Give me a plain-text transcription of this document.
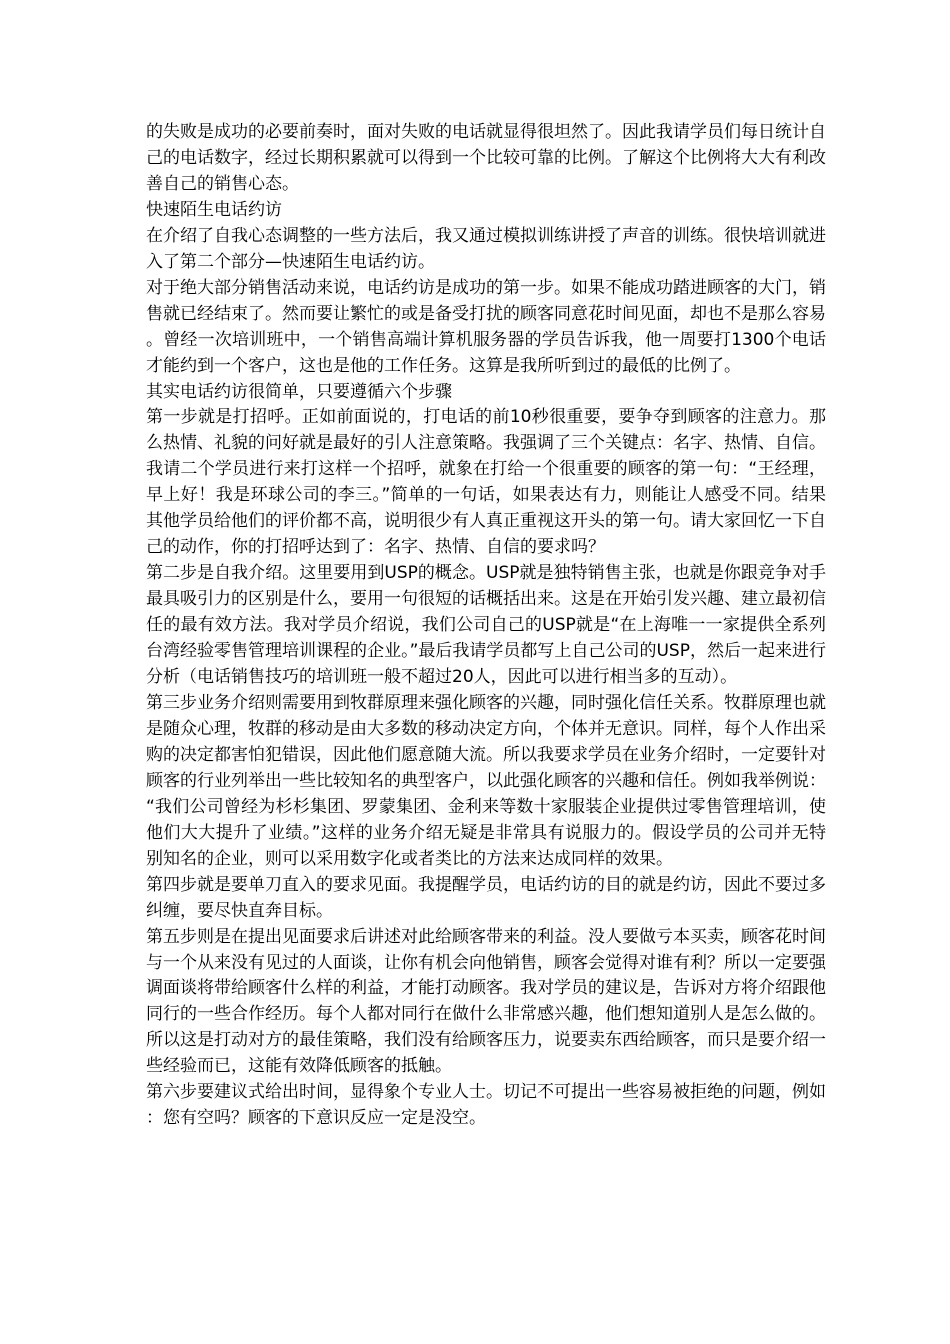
的失败是成功的必要前奏时，面对失败的电话就显得很坦然了。因此我请学员们每日统计自己的电话数字，经过长期积累就可以得到一个比较可靠的比例。了解这个比例将大大有利改善自己的销售心态。

快速陌生电话约访

在介绍了自我心态调整的一些方法后，我又通过模拟训练讲授了声音的训练。很快培训就进入了第二个部分—快速陌生电话约访。

对于绝大部分销售活动来说，电话约访是成功的第一步。如果不能成功踏进顾客的大门，销售就已经结束了。然而要让繁忙的或是备受打扰的顾客同意花时间见面，却也不是那么容易。曾经一次培训班中，一个销售高端计算机服务器的学员告诉我，他一周要打1300个电话才能约到一个客户，这也是他的工作任务。这算是我所听到过的最低的比例了。

其实电话约访很简单，只要遵循六个步骤

第一步就是打招呼。正如前面说的，打电话的前10秒很重要，要争夺到顾客的注意力。那么热情、礼貌的问好就是最好的引人注意策略。我强调了三个关键点：名字、热情、自信。我请二个学员进行来打这样一个招呼，就象在打给一个很重要的顾客的第一句：“王经理，早上好！我是环球公司的李三。”简单的一句话，如果表达有力，则能让人感受不同。结果其他学员给他们的评价都不高，说明很少有人真正重视这开头的第一句。请大家回忆一下自己的动作，你的打招呼达到了：名字、热情、自信的要求吗？

第二步是自我介绍。这里要用到USP的概念。USP就是独特销售主张，也就是你跟竞争对手最具吸引力的区别是什么，要用一句很短的话概括出来。这是在开始引发兴趣、建立最初信任的最有效方法。我对学员介绍说，我们公司自己的USP就是“在上海唯一一家提供全系列台湾经验零售管理培训课程的企业。”最后我请学员都写上自己公司的USP，然后一起来进行分析（电话销售技巧的培训班一般不超过20人，因此可以进行相当多的互动）。

第三步业务介绍则需要用到牧群原理来强化顾客的兴趣，同时强化信任关系。牧群原理也就是随众心理，牧群的移动是由大多数的移动决定方向，个体并无意识。同样，每个人作出采购的决定都害怕犯错误，因此他们愿意随大流。所以我要求学员在业务介绍时，一定要针对顾客的行业列举出一些比较知名的典型客户，以此强化顾客的兴趣和信任。例如我举例说：“我们公司曾经为杉杉集团、罗蒙集团、金利来等数十家服装企业提供过零售管理培训，使他们大大提升了业绩。”这样的业务介绍无疑是非常具有说服力的。假设学员的公司并无特别知名的企业，则可以采用数字化或者类比的方法来达成同样的效果。

第四步就是要单刀直入的要求见面。我提醒学员，电话约访的目的就是约访，因此不要过多纠缠，要尽快直奔目标。

第五步则是在提出见面要求后讲述对此给顾客带来的利益。没人要做亏本买卖，顾客花时间与一个从来没有见过的人面谈，让你有机会向他销售，顾客会觉得对谁有利？所以一定要强调面谈将带给顾客什么样的利益，才能打动顾客。我对学员的建议是，告诉对方将介绍跟他同行的一些合作经历。每个人都对同行在做什么非常感兴趣，他们想知道别人是怎么做的。所以这是打动对方的最佳策略，我们没有给顾客压力，说要卖东西给顾客，而只是要介绍一些经验而已，这能有效降低顾客的抵触。

第六步要建议式给出时间，显得象个专业人士。切记不可提出一些容易被拒绝的问题，例如：您有空吗？顾客的下意识反应一定是没空。
